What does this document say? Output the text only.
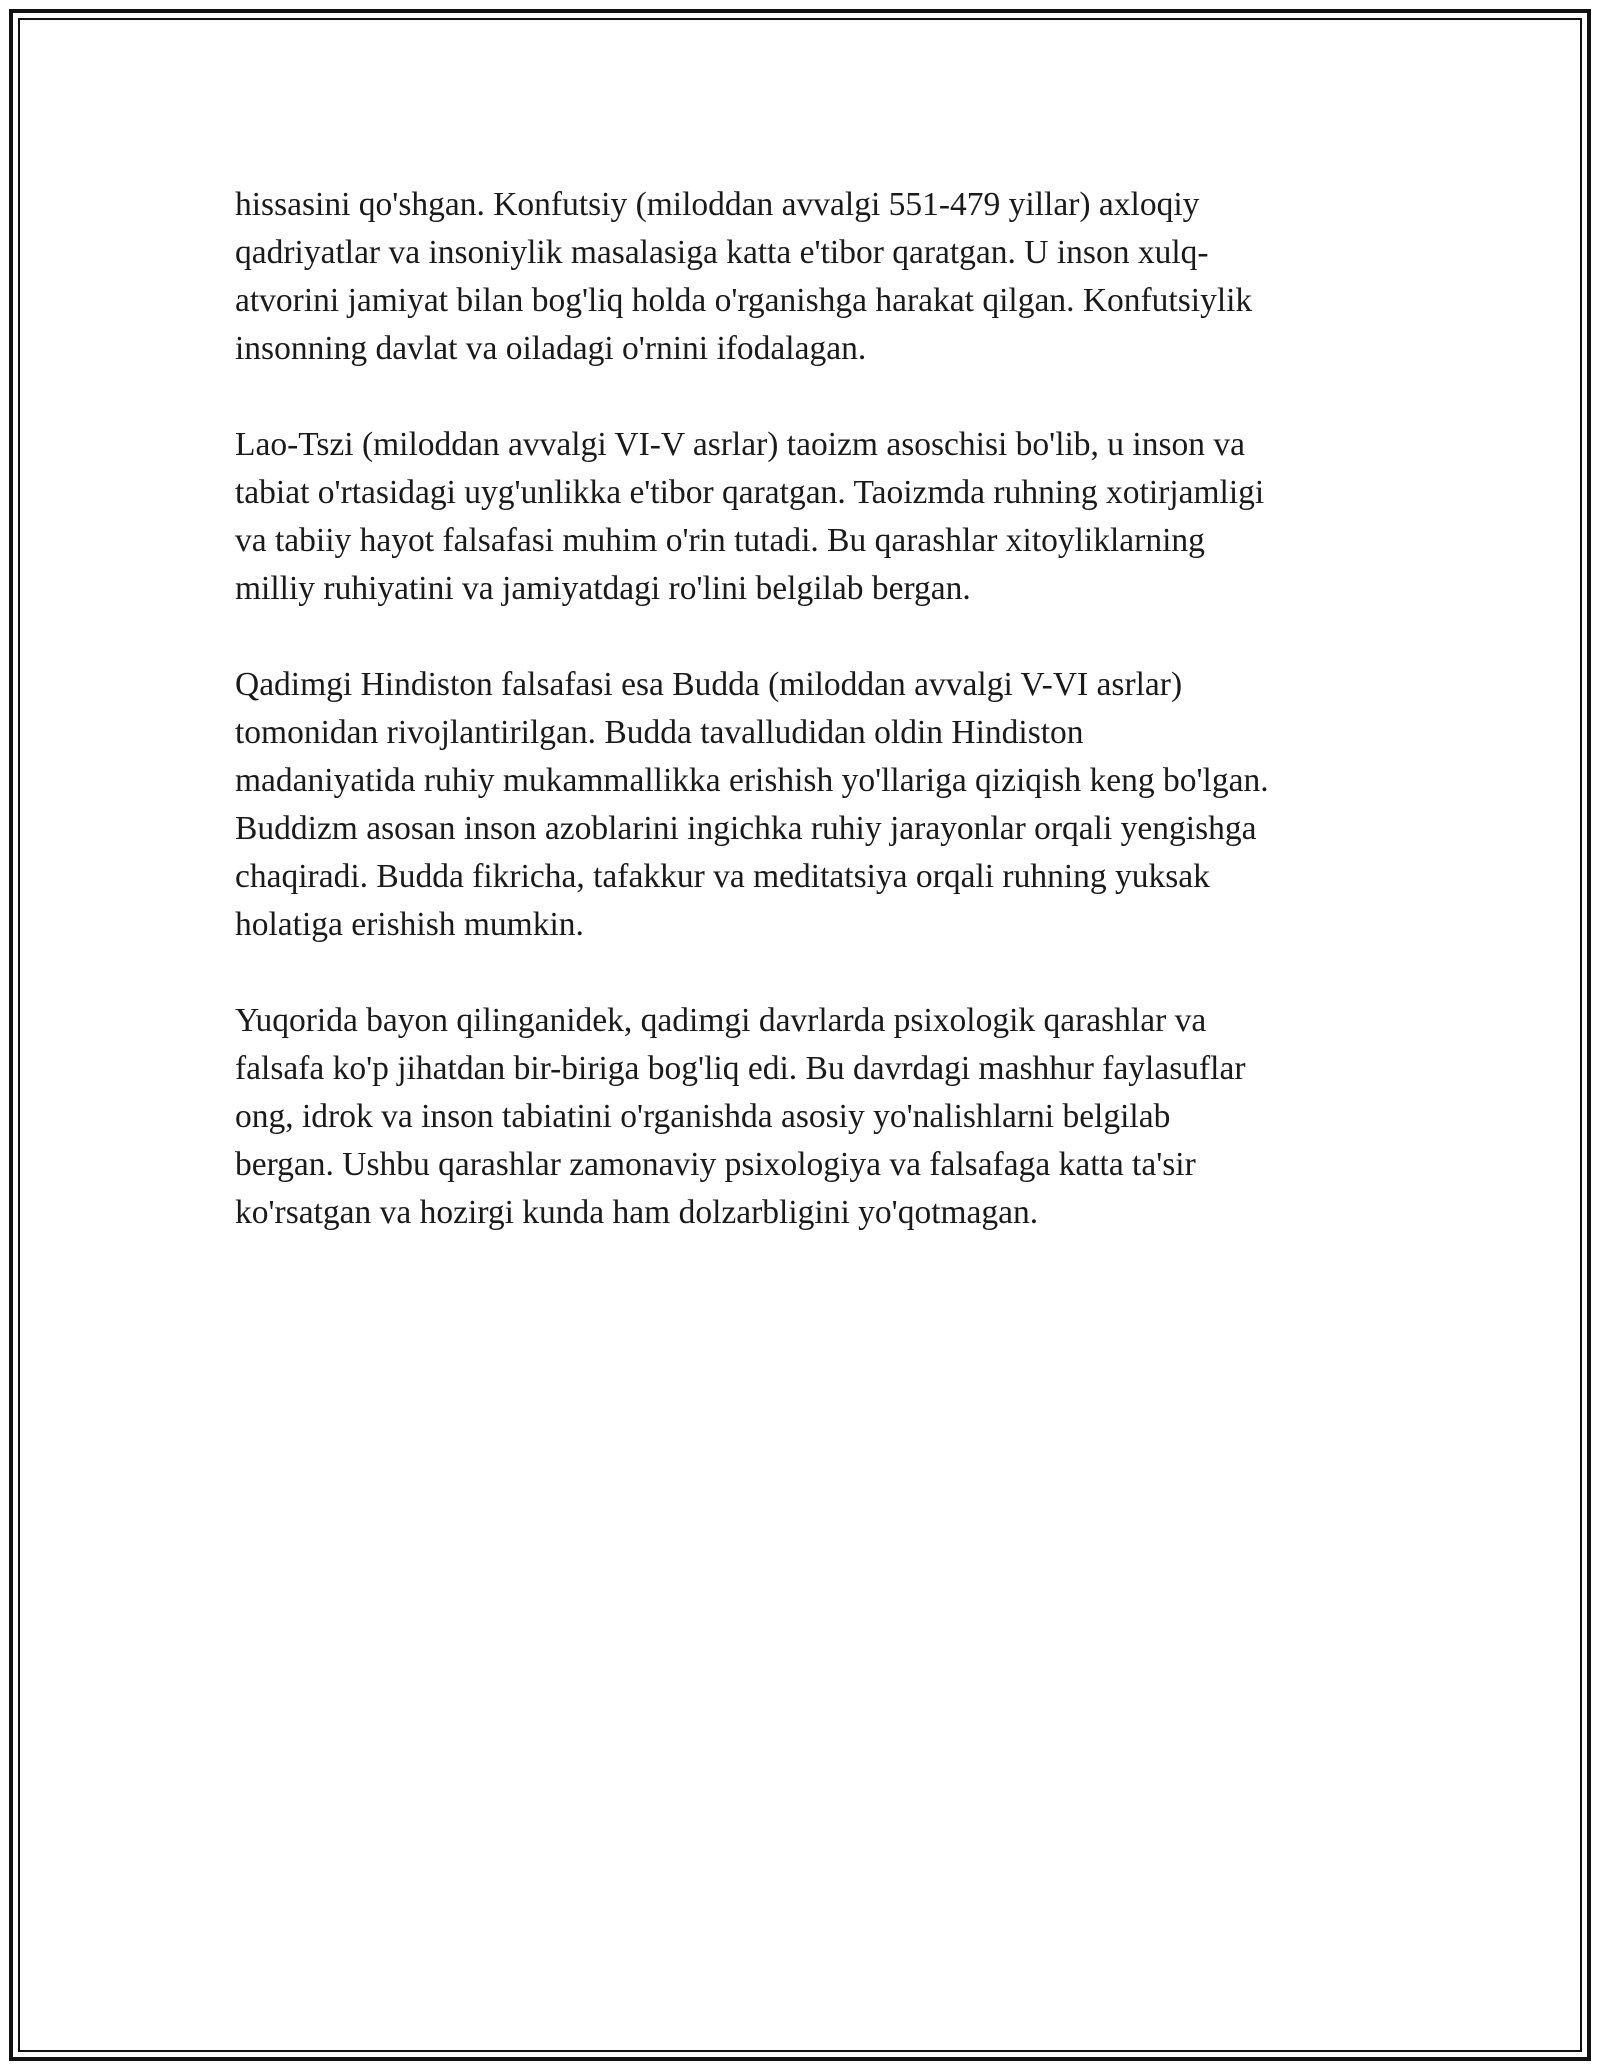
hissasini qo'shgan. Konfutsiy (miloddan avvalgi 551-479 yillar) axloqiy
qadriyatlar va insoniylik masalasiga katta e'tibor qaratgan. U inson xulq-
atvorini jamiyat bilan bog'liq holda o'rganishga harakat qilgan. Konfutsiylik
insonning davlat va oiladagi o'rnini ifodalagan.

Lao-Tszi (miloddan avvalgi VI-V asrlar) taoizm asoschisi bo'lib, u inson va
tabiat o'rtasidagi uyg'unlikka e'tibor qaratgan. Taoizmda ruhning xotirjamligi
va tabiiy hayot falsafasi muhim o'rin tutadi. Bu qarashlar xitoyliklarning
milliy ruhiyatini va jamiyatdagi ro'lini belgilab bergan.

Qadimgi Hindiston falsafasi esa Budda (miloddan avvalgi V-VI asrlar)
tomonidan rivojlantirilgan. Budda tavalludidan oldin Hindiston
madaniyatida ruhiy mukammallikka erishish yo'llariga qiziqish keng bo'lgan.
Buddizm asosan inson azoblarini ingichka ruhiy jarayonlar orqali yengishga
chaqiradi. Budda fikricha, tafakkur va meditatsiya orqali ruhning yuksak
holatiga erishish mumkin.

Yuqorida bayon qilinganidek, qadimgi davrlarda psixologik qarashlar va
falsafa ko'p jihatdan bir-biriga bog'liq edi. Bu davrdagi mashhur faylasuflar
ong, idrok va inson tabiatini o'rganishda asosiy yo'nalishlarni belgilab
bergan. Ushbu qarashlar zamonaviy psixologiya va falsafaga katta ta'sir
ko'rsatgan va hozirgi kunda ham dolzarbligini yo'qotmagan.
